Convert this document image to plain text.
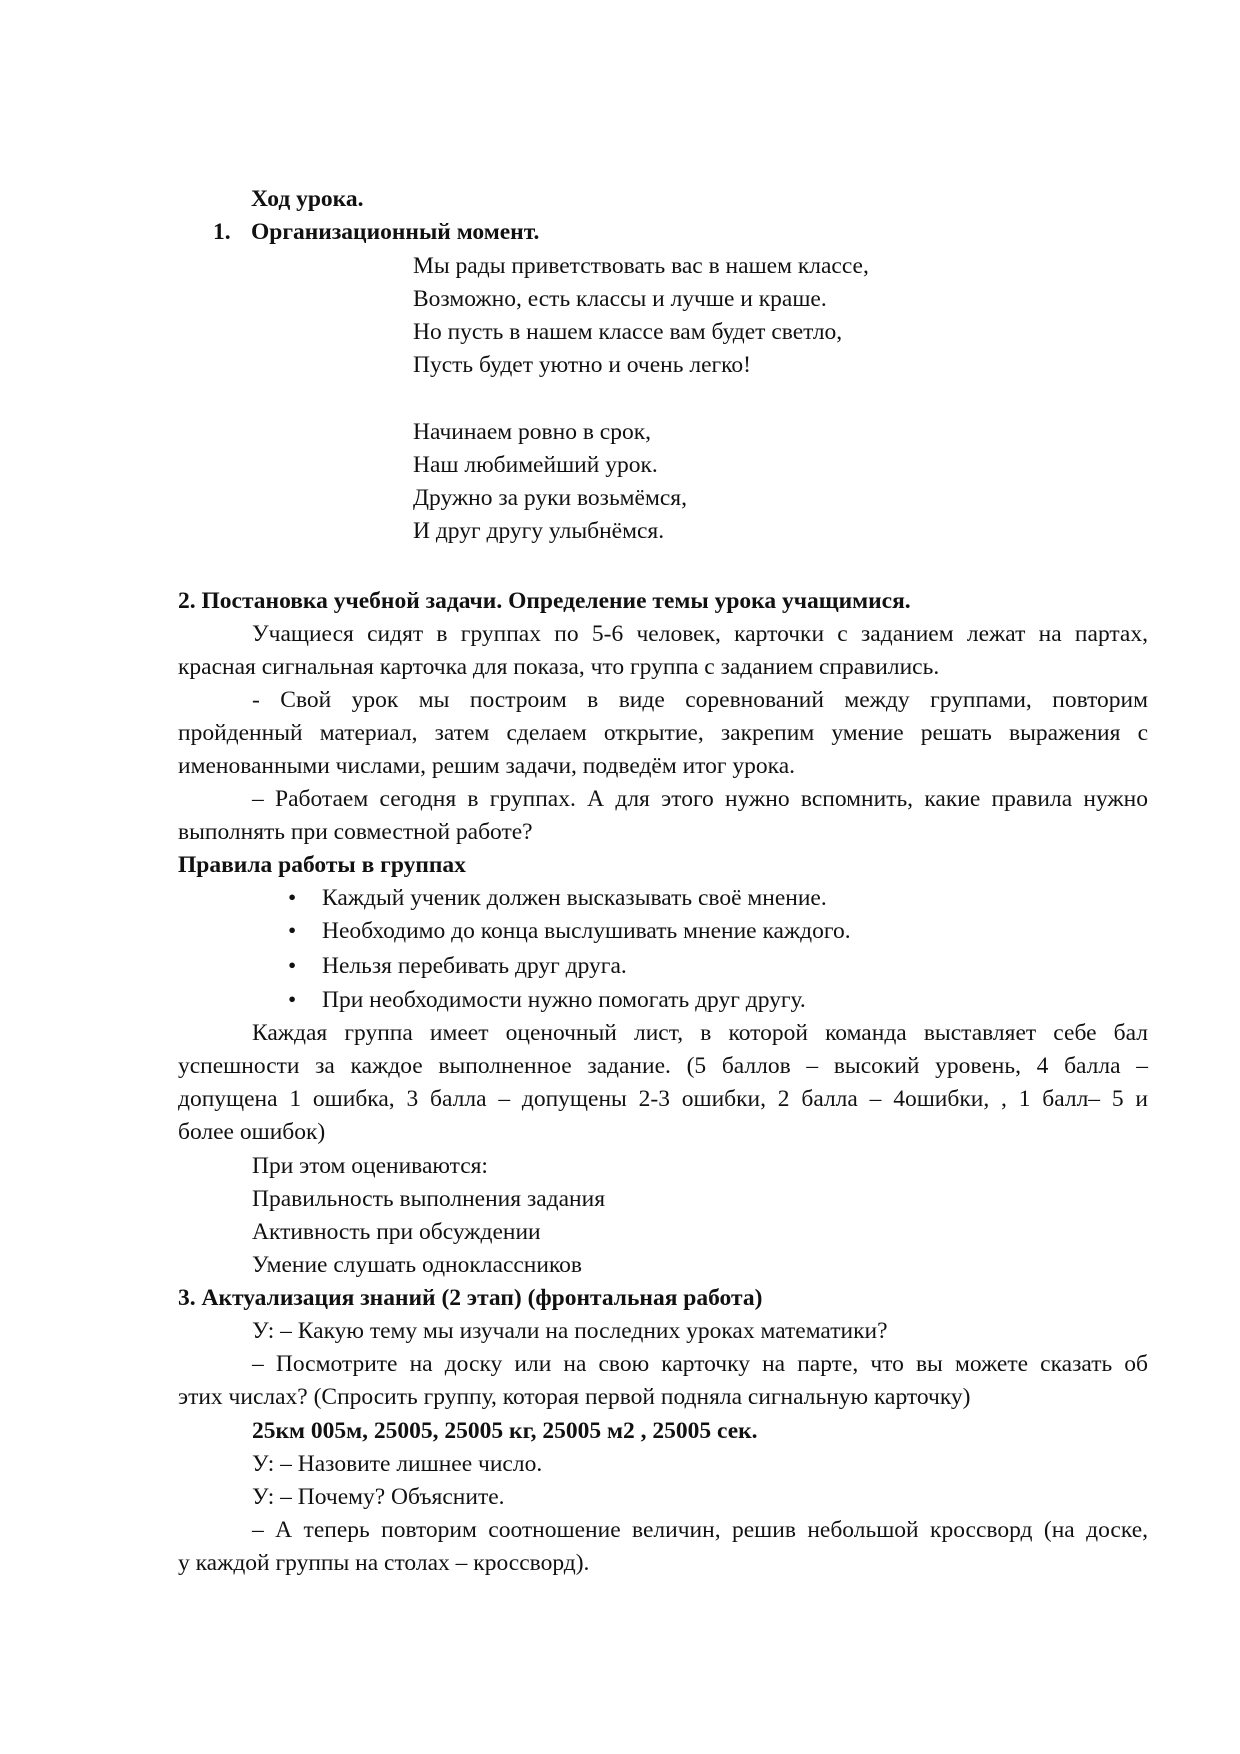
Ход урока.

1. Организационный момент.

Мы рады приветствовать вас в нашем классе,

Возможно, есть классы и лучше и краше.

Но пусть в нашем классе вам будет светло,

Пусть будет уютно и очень легко!

Начинаем ровно в срок,

Наш любимейший урок.

Дружно за руки возьмёмся,

И друг другу улыбнёмся.

2. Постановка учебной задачи. Определение темы урока учащимися.

Учащиеся сидят в группах по 5-6 человек, карточки с заданием лежат на партах,

красная сигнальная карточка для показа, что группа с заданием справились.

- Свой урок мы построим в виде соревнований между группами, повторим

пройденный материал, затем сделаем открытие, закрепим умение решать выражения с

именованными числами, решим задачи, подведём итог урока.

– Работаем сегодня в группах. А для этого нужно вспомнить, какие правила нужно

выполнять при совместной работе?

Правила работы в группах

•	Каждый ученик должен высказывать своё мнение.
•	Необходимо до конца выслушивать мнение каждого.
•	Нельзя перебивать друг друга.
•	При необходимости нужно помогать друг другу.

Каждая группа имеет оценочный лист, в которой команда выставляет себе бал

успешности за каждое выполненное задание. (5 баллов – высокий уровень, 4 балла –

допущена 1 ошибка, 3 балла – допущены 2-3 ошибки, 2 балла – 4ошибки, , 1 балл– 5 и

более ошибок)

При этом оцениваются:

Правильность выполнения задания

Активность при обсуждении

Умение слушать одноклассников

3. Актуализация знаний (2 этап) (фронтальная работа)

У: – Какую тему мы изучали на последних уроках математики?

– Посмотрите на доску или на свою карточку на парте, что вы можете сказать об

этих числах? (Спросить группу, которая первой подняла сигнальную карточку)

25км 005м, 25005, 25005 кг, 25005 м2 , 25005 сек.

У: – Назовите лишнее число.

У: – Почему? Объясните.

– А теперь повторим соотношение величин, решив небольшой кроссворд (на доске,

у каждой группы на столах – кроссворд).
